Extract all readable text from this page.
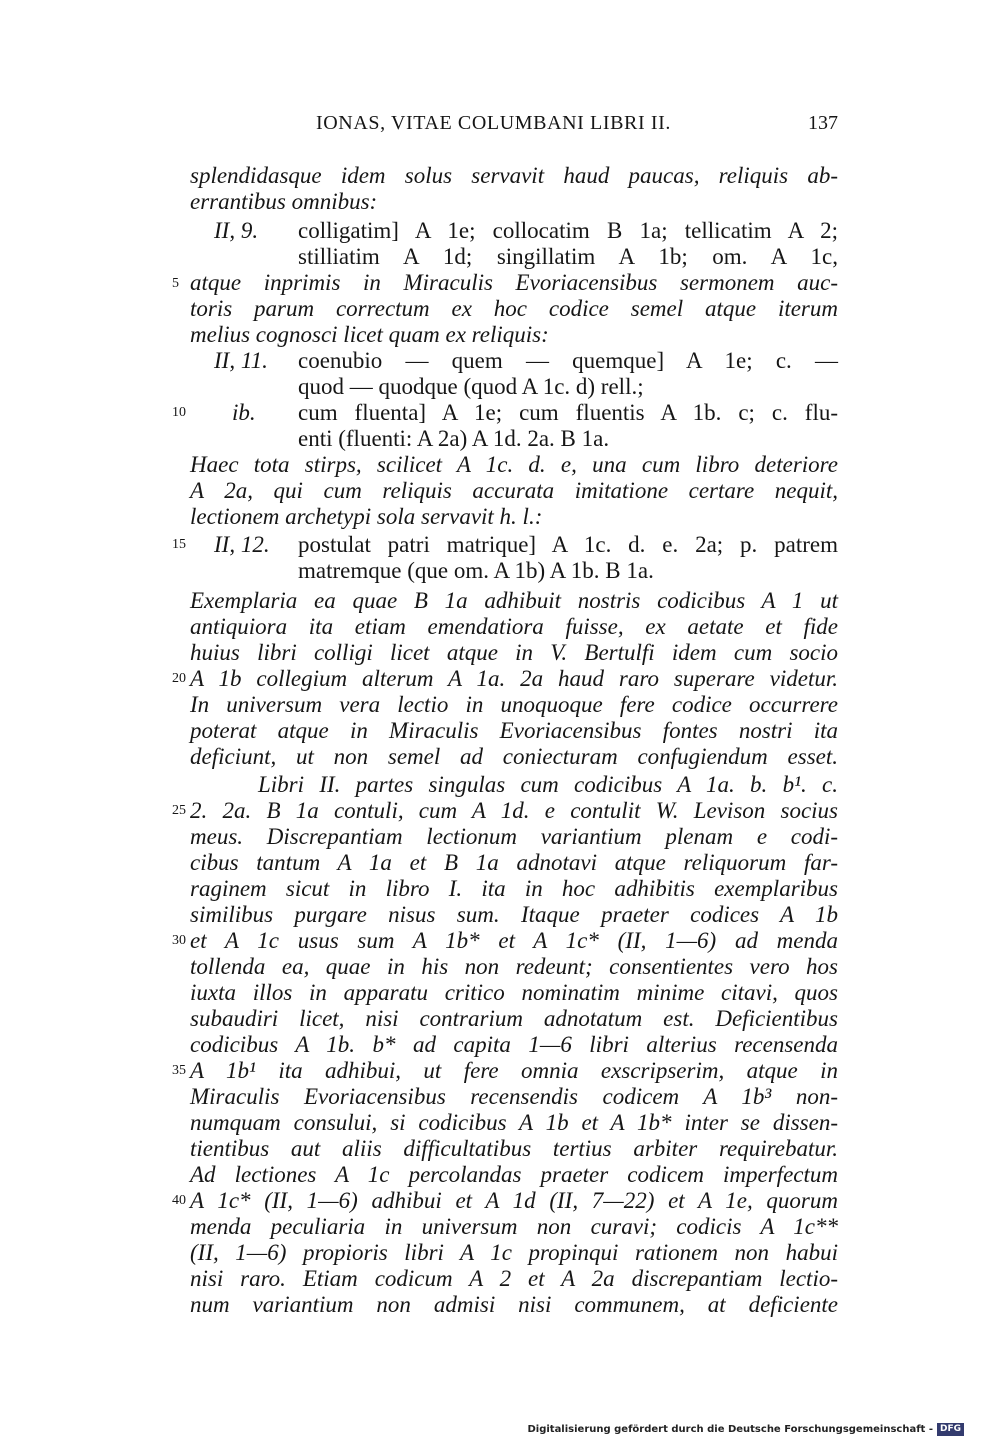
IONAS, VITAE COLUMBANI LIBRI II.	137
splendidasque idem solus servavit haud paucas, reliquis ab-
errantibus omnibus:
II, 9. colligatim] A 1e; collocatim B 1a; tellicatim A 2;
stilliatim A 1d; singillatim A 1b; om. A 1c,
5 atque inprimis in Miraculis Evoriacensibus sermonem auc-
toris parum correctum ex hoc codice semel atque iterum
melius cognosci licet quam ex reliquis:
II, 11. coenubio — quem — quemque] A 1e; c. —
quod — quodque (quod A 1c. d) rell.;
10	ib. cum fluenta] A 1e; cum fluentis A 1b. c; c. flu-
enti (fluenti: A 2a) A 1d. 2a. B 1a.
Haec tota stirps, scilicet A 1c. d. e, una cum libro deteriore
A 2a, qui cum reliquis accurata imitatione certare nequit,
lectionem archetypi sola servavit h. l.:
15	II, 12. postulat patri matrique] A 1c. d. e. 2a; p. patrem
matremque (que om. A 1b) A 1b. B 1a.
Exemplaria ea quae B 1a adhibuit nostris codicibus A 1 ut
antiquiora ita etiam emendatiora fuisse, ex aetate et fide
huius libri colligi licet atque in V. Bertulfi idem cum socio
20 A 1b collegium alterum A 1a. 2a haud raro superare videtur.
In universum vera lectio in unoquoque fere codice occurrere
poterat atque in Miraculis Evoriacensibus fontes nostri ita
deficiunt, ut non semel ad coniecturam confugiendum esset.
Libri II. partes singulas cum codicibus A 1a. b. b¹. c.
25 2. 2a. B 1a contuli, cum A 1d. e contulit W. Levison socius
meus. Discrepantiam lectionum variantium plenam e codi-
cibus tantum A 1a et B 1a adnotavi atque reliquorum far-
raginem sicut in libro I. ita in hoc adhibitis exemplaribus
similibus purgare nisus sum. Itaque praeter codices A 1b
30 et A 1c usus sum A 1b* et A 1c* (II, 1—6) ad menda
tollenda ea, quae in his non redeunt; consentientes vero hos
iuxta illos in apparatu critico nominatim minime citavi, quos
subaudiri licet, nisi contrarium adnotatum est. Deficientibus
codicibus A 1b. b* ad capita 1—6 libri alterius recensenda
35 A 1b¹ ita adhibui, ut fere omnia exscripserim, atque in
Miraculis Evoriacensibus recensendis codicem A 1b³ non-
numquam consului, si codicibus A 1b et A 1b* inter se dissen-
tientibus aut aliis difficultatibus tertius arbiter requirebatur.
Ad lectiones A 1c percolandas praeter codicem imperfectum
40 A 1c* (II, 1—6) adhibui et A 1d (II, 7—22) et A 1e, quorum
menda peculiaria in universum non curavi; codicis A 1c**
(II, 1—6) propioris libri A 1c propinqui rationem non habui
nisi raro. Etiam codicum A 2 et A 2a discrepantiam lectio-
num variantium non admisi nisi communem, at deficiente
Digitalisierung gefördert durch die Deutsche Forschungsgemeinschaft - DFG
